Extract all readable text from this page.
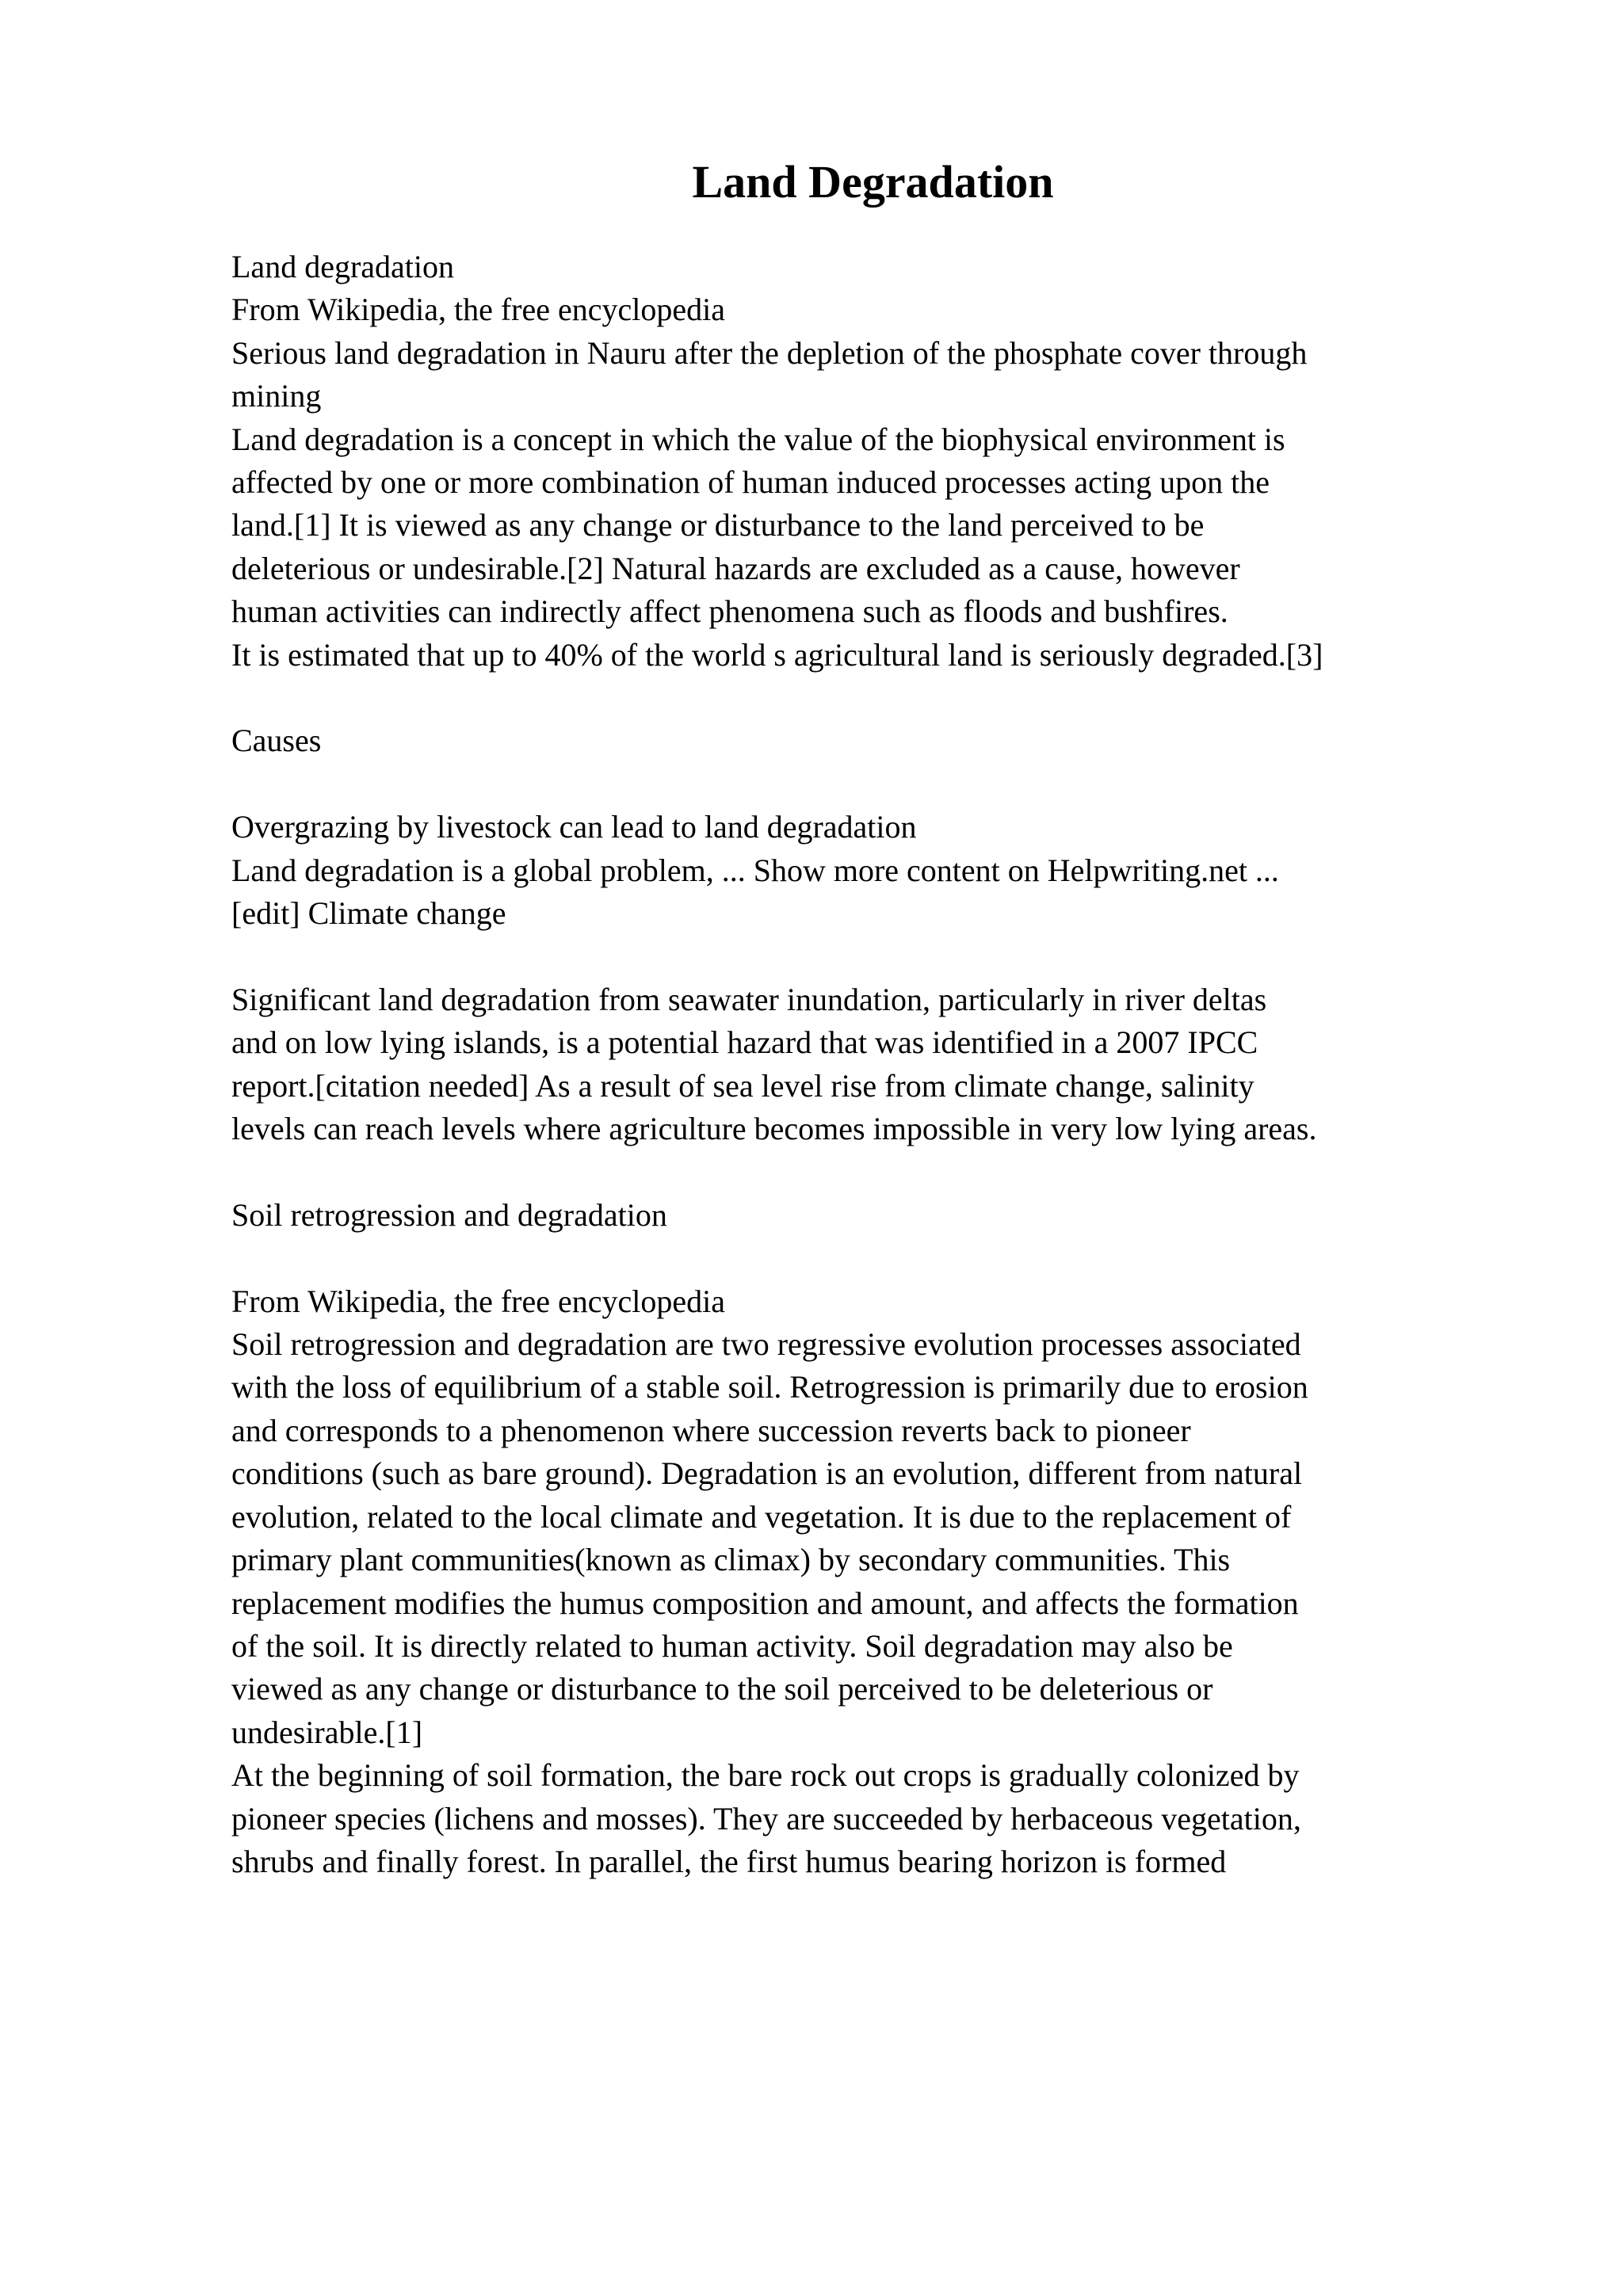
Land Degradation

Land degradation

From Wikipedia, the free encyclopedia

Serious land degradation in Nauru after the depletion of the phosphate cover through

mining

Land degradation is a concept in which the value of the biophysical environment is

affected by one or more combination of human induced processes acting upon the

land.[1] It is viewed as any change or disturbance to the land perceived to be

deleterious or undesirable.[2] Natural hazards are excluded as a cause, however

human activities can indirectly affect phenomena such as floods and bushfires.

It is estimated that up to 40% of the world s agricultural land is seriously degraded.[3]

Causes

Overgrazing by livestock can lead to land degradation

Land degradation is a global problem, ... Show more content on Helpwriting.net ...

[edit] Climate change

Significant land degradation from seawater inundation, particularly in river deltas

and on low lying islands, is a potential hazard that was identified in a 2007 IPCC

report.[citation needed] As a result of sea level rise from climate change, salinity

levels can reach levels where agriculture becomes impossible in very low lying areas.

Soil retrogression and degradation

From Wikipedia, the free encyclopedia

Soil retrogression and degradation are two regressive evolution processes associated

with the loss of equilibrium of a stable soil. Retrogression is primarily due to erosion

and corresponds to a phenomenon where succession reverts back to pioneer

conditions (such as bare ground). Degradation is an evolution, different from natural

evolution, related to the local climate and vegetation. It is due to the replacement of

primary plant communities(known as climax) by secondary communities. This

replacement modifies the humus composition and amount, and affects the formation

of the soil. It is directly related to human activity. Soil degradation may also be

viewed as any change or disturbance to the soil perceived to be deleterious or

undesirable.[1]

At the beginning of soil formation, the bare rock out crops is gradually colonized by

pioneer species (lichens and mosses). They are succeeded by herbaceous vegetation,

shrubs and finally forest. In parallel, the first humus bearing horizon is formed
